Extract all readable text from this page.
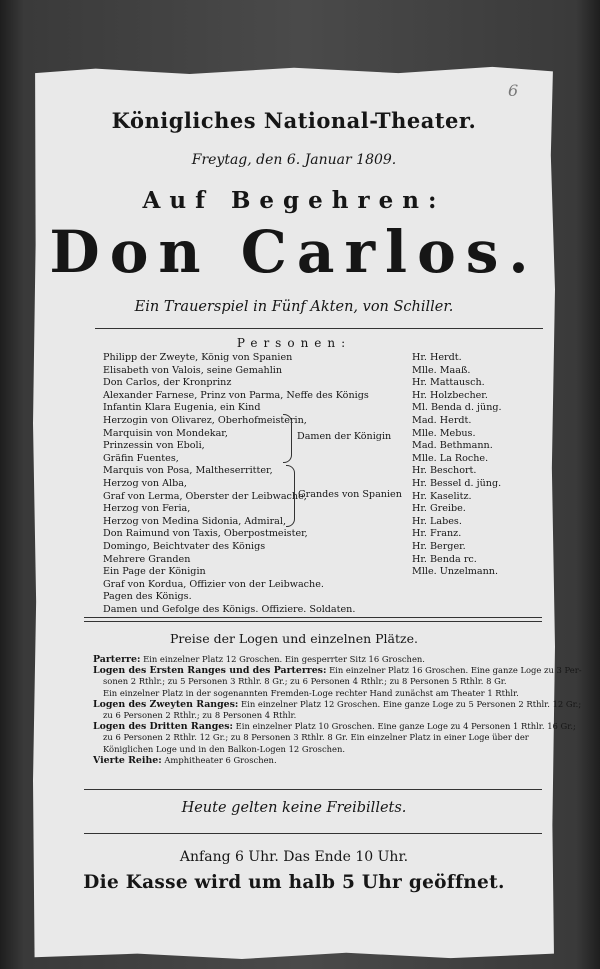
6
Königliches National-Theater.
Freytag, den 6. Januar 1809.
Auf Begehren:
Don Carlos.
Ein Trauerspiel in Fünf Akten, von Schiller.
Personen:
Philipp der Zweyte, König von Spanien	Hr. Herdt.
Elisabeth von Valois, seine Gemahlin	Mlle. Maaß.
Don Carlos, der Kronprinz	Hr. Mattausch.
Alexander Farnese, Prinz von Parma, Neffe des Königs	Hr. Holzbecher.
Infantin Klara Eugenia, ein Kind	Ml. Benda d. jüng.
Herzogin von Olivarez, Oberhofmeisterin,	Mad. Herdt.
Marquisin von Mondekar,	Mlle. Mebus.
Prinzessin von Eboli,	Mad. Bethmann.
Gräfin Fuentes,	Mlle. La Roche.
Marquis von Posa, Maltheserritter,	Hr. Beschort.
Herzog von Alba,	Hr. Bessel d. jüng.
Graf von Lerma, Oberster der Leibwache,	Hr. Kaselitz.
Herzog von Feria,	Hr. Greibe.
Herzog von Medina Sidonia, Admiral,	Hr. Labes.
Don Raimund von Taxis, Oberpostmeister,	Hr. Franz.
Domingo, Beichtvater des Königs	Hr. Berger.
Mehrere Granden	Hr. Benda rc.
Ein Page der Königin	Mlle. Unzelmann.
Graf von Kordua, Offizier von der Leibwache.
Pagen des Königs.
Damen und Gefolge des Königs. Offiziere. Soldaten.
Damen der Königin
Grandes von Spanien
Preise der Logen und einzelnen Plätze.
Parterre: Ein einzelner Platz 12 Groschen. Ein gesperrter Sitz 16 Groschen.
Logen des Ersten Ranges und des Parterres: Ein einzelner Platz 16 Groschen. Eine ganze Loge zu 3 Per-
sonen 2 Rthlr.; zu 5 Personen 3 Rthlr. 8 Gr.; zu 6 Personen 4 Rthlr.; zu 8 Personen 5 Rthlr. 8 Gr.
Ein einzelner Platz in der sogenannten Fremden-Loge rechter Hand zunächst am Theater 1 Rthlr.
Logen des Zweyten Ranges: Ein einzelner Platz 12 Groschen. Eine ganze Loge zu 5 Personen 2 Rthlr. 12 Gr.;
zu 6 Personen 2 Rthlr.; zu 8 Personen 4 Rthlr.
Logen des Dritten Ranges: Ein einzelner Platz 10 Groschen. Eine ganze Loge zu 4 Personen 1 Rthlr. 16 Gr.;
zu 6 Personen 2 Rthlr. 12 Gr.; zu 8 Personen 3 Rthlr. 8 Gr. Ein einzelner Platz in einer Loge über der
Königlichen Loge und in den Balkon-Logen 12 Groschen.
Vierte Reihe: Amphitheater 6 Groschen.
Heute gelten keine Freibillets.
Anfang 6 Uhr. Das Ende 10 Uhr.
Die Kasse wird um halb 5 Uhr geöffnet.
